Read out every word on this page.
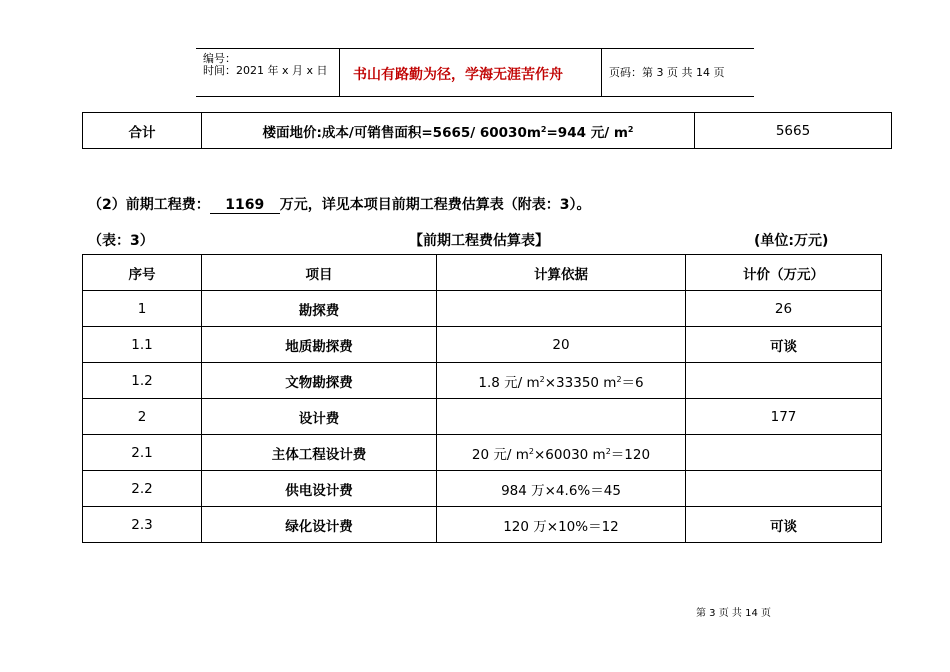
编号：
时间：2021 年 x 月 x 日 书山有路勤为径，学海无涯苦作舟	页码：第 3 页 共 14 页
合计	楼面地价:成本/可销售面积=5665/ $60030m^2=944$ 元/ $m^2$	5665
（2）前期工程费： 1169 万元，详见本项目前期工程费估算表（附表：3）。
（表：3）	【前期工程费估算表】	(单位:万元)
序号	项目	计算依据	计价（万元）
1	勘探费		26
1.1	地质勘探费	20	可谈
1.2	文物勘探费	1.8 元/ $m^2\times 33350$ $m^2=6$	
2	设计费		177
2.1	主体工程设计费	20 元/ $m^2\times 60030$ $m^2=120$	
2.2	供电设计费	984 万×4.6%＝45	
2.3	绿化设计费	120 万×10%＝12	可谈
第 3 页 共 14 页
